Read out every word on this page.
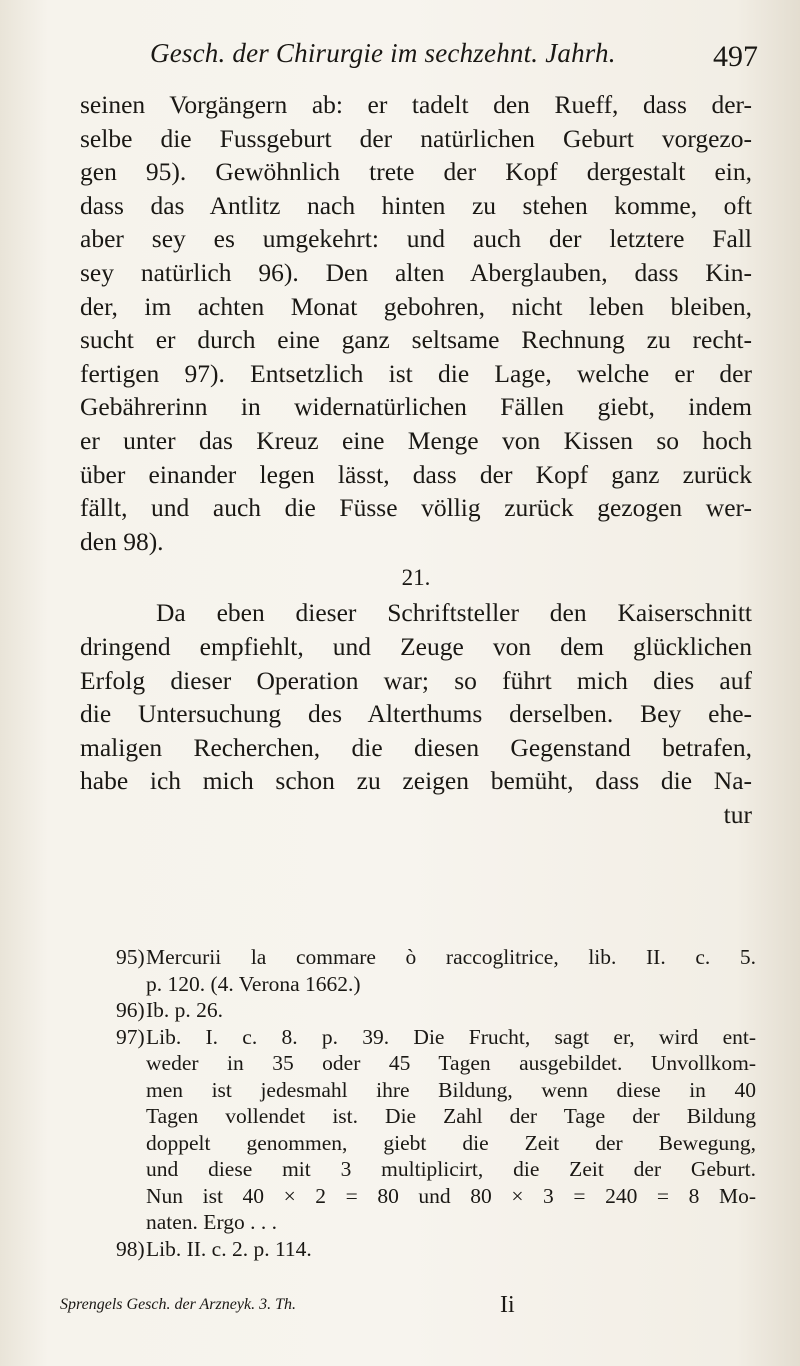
Gesch. der Chirurgie im sechzehnt. Jahrh.	497
seinen Vorgängern ab: er tadelt den Rueff, dass der-
selbe die Fussgeburt der natürlichen Geburt vorgezo-
gen 95). Gewöhnlich trete der Kopf dergestalt ein,
dass das Antlitz nach hinten zu stehen komme, oft
aber sey es umgekehrt: und auch der letztere Fall
sey natürlich 96). Den alten Aberglauben, dass Kin-
der, im achten Monat gebohren, nicht leben bleiben,
sucht er durch eine ganz seltsame Rechnung zu recht-
fertigen 97). Entsetzlich ist die Lage, welche er der
Gebährerinn in widernatürlichen Fällen giebt, indem
er unter das Kreuz eine Menge von Kissen so hoch
über einander legen lässt, dass der Kopf ganz zurück
fällt, und auch die Füsse völlig zurück gezogen wer-
den 98).
21.
Da eben dieser Schriftsteller den Kaiserschnitt
dringend empfiehlt, und Zeuge von dem glücklichen
Erfolg dieser Operation war; so führt mich dies auf
die Untersuchung des Alterthums derselben. Bey ehe-
maligen Recherchen, die diesen Gegenstand betrafen,
habe ich mich schon zu zeigen bemüht, dass die Na-
tur
95) Mercurii la commare ò raccoglitrice, lib. II. c. 5.
p. 120. (4. Verona 1662.)
96) Ib. p. 26.
97) Lib. I. c. 8. p. 39. Die Frucht, sagt er, wird ent-
weder in 35 oder 45 Tagen ausgebildet. Unvollkom-
men ist jedesmahl ihre Bildung, wenn diese in 40
Tagen vollendet ist. Die Zahl der Tage der Bildung
doppelt genommen, giebt die Zeit der Bewegung,
und diese mit 3 multiplicirt, die Zeit der Geburt.
Nun ist 40 × 2 = 80 und 80 × 3 = 240 = 8 Mo-
naten. Ergo . . .
98) Lib. II. c. 2. p. 114.
Sprengels Gesch. der Arzneyk. 3. Th.	Ii
